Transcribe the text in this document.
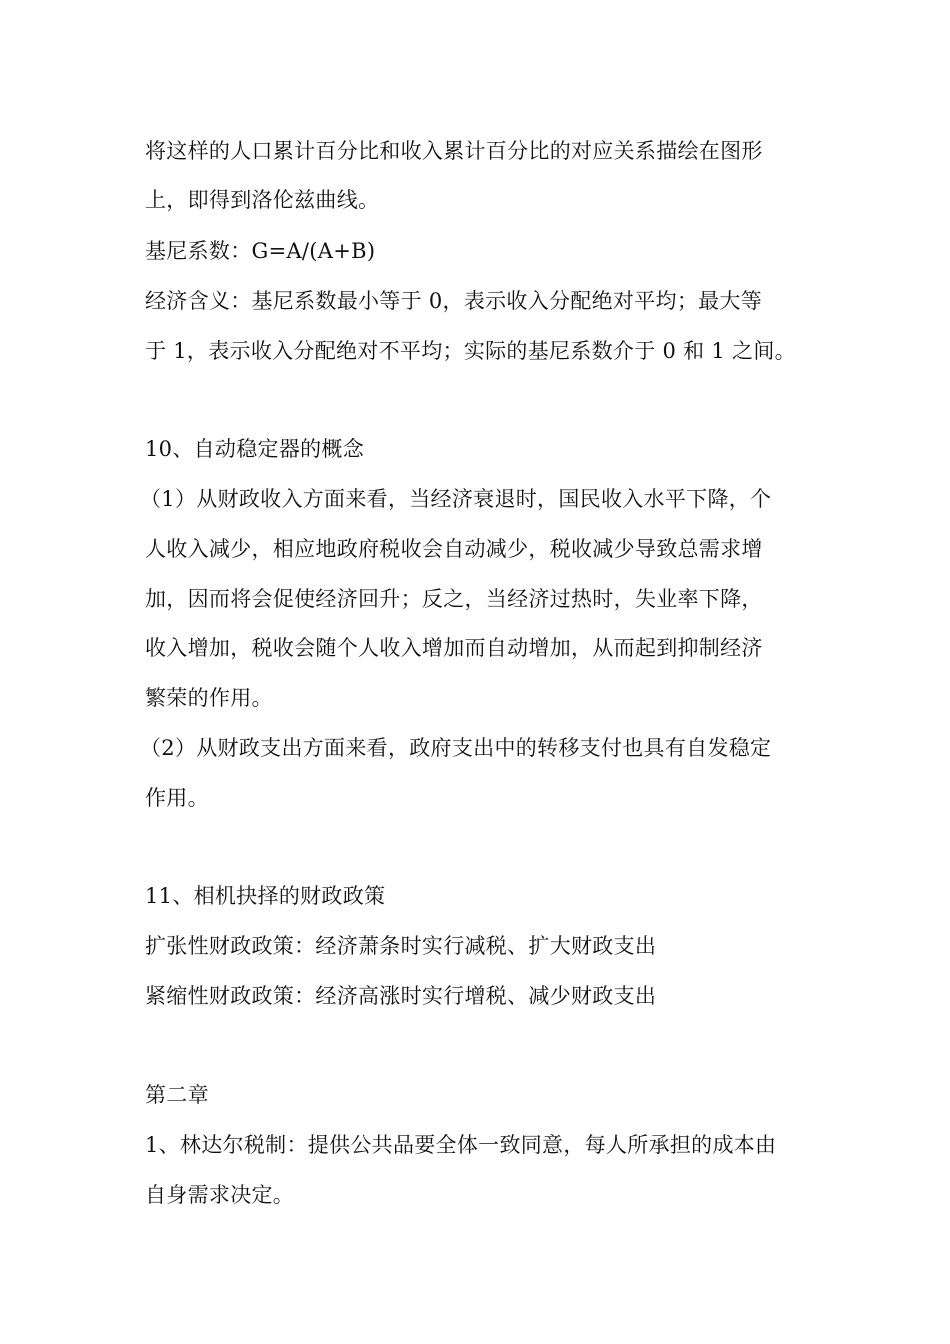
将这样的人口累计百分比和收入累计百分比的对应关系描绘在图形
上，即得到洛伦兹曲线。
基尼系数：G=A/(A+B)
经济含义：基尼系数最小等于 0，表示收入分配绝对平均；最大等
于 1，表示收入分配绝对不平均；实际的基尼系数介于 0 和 1 之间。
10、自动稳定器的概念
（1）从财政收入方面来看，当经济衰退时，国民收入水平下降，个
人收入减少，相应地政府税收会自动减少，税收减少导致总需求增
加，因而将会促使经济回升；反之，当经济过热时，失业率下降，
收入增加，税收会随个人收入增加而自动增加，从而起到抑制经济
繁荣的作用。
（2）从财政支出方面来看，政府支出中的转移支付也具有自发稳定
作用。
11、相机抉择的财政政策
扩张性财政政策：经济萧条时实行减税、扩大财政支出
紧缩性财政政策：经济高涨时实行增税、减少财政支出
第二章
1、林达尔税制：提供公共品要全体一致同意，每人所承担的成本由
自身需求决定。
